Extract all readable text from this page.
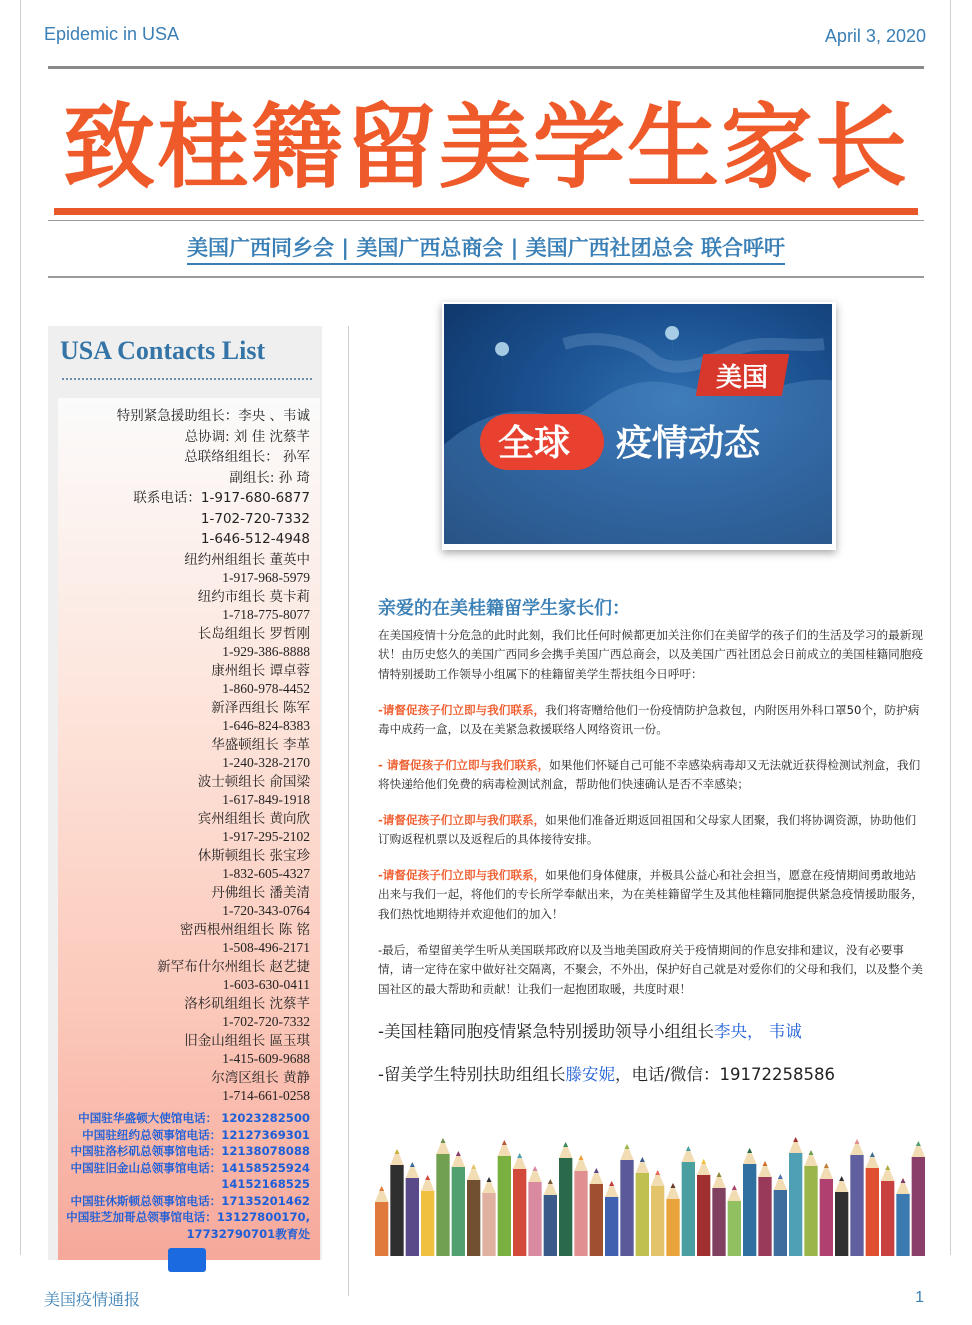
Epidemic in USA	April 3, 2020
致桂籍留美学生家长
美国广西同乡会 | 美国广西总商会 | 美国广西社团总会 联合呼吁
USA Contacts List
特别紧急援助组长：李央 、韦诚
总协调: 刘 佳 沈蔡芊
总联络组组长： 孙军
副组长: 孙 琦
联系电话：1-917-680-6877
1-702-720-7332
1-646-512-4948
纽约州组组长 董英中
1-917-968-5979
纽约市组长 莫卡莉
1-718-775-8077
长岛组组长 罗哲刚
1-929-386-8888
康州组长 谭卓蓉
1-860-978-4452
新泽西组长 陈军
1-646-824-8383
华盛顿组长 李革
1-240-328-2170
波士顿组长 俞国梁
1-617-849-1918
宾州组组长 黄向欣
1-917-295-2102
休斯顿组长 张宝珍
1-832-605-4327
丹佛组长 潘美清
1-720-343-0764
密西根州组组长 陈 铭
1-508-496-2171
新罕布什尔州组长 赵艺捷
1-603-630-0411
洛杉矶组组长 沈蔡芊
1-702-720-7332
旧金山组组长 區玉琪
1-415-609-9688
尔湾区组长 黄静
1-714-661-0258
中国驻华盛顿大使馆电话： 12023282500
中国驻纽约总领事馆电话：12127369301
中国驻洛杉矶总领事馆电话：12138078088
中国驻旧金山总领事馆电话：14158525924
14152168525
中国驻休斯顿总领事馆电话：17135201462
中国驻芝加哥总领事馆电话：13127800170,
17732790701教育处
美国
全球 疫情动态
亲爱的在美桂籍留学生家长们：
在美国疫情十分危急的此时此刻，我们比任何时候都更加关注你们在美留学的孩子们的生活及学习的最新现状！由历史悠久的美国广西同乡会携手美国广西总商会，以及美国广西社团总会日前成立的美国桂籍同胞疫情特别援助工作领导小组属下的桂籍留美学生帮扶组今日呼吁：
-请督促孩子们立即与我们联系，我们将寄赠给他们一份疫情防护急救包，内附医用外科口罩50个，防护病毒中成药一盒，以及在美紧急救援联络人网络资讯一份。
- 请督促孩子们立即与我们联系，如果他们怀疑自己可能不幸感染病毒却又无法就近获得检测试剂盒，我们将快递给他们免费的病毒检测试剂盒，帮助他们快速确认是否不幸感染；
-请督促孩子们立即与我们联系，如果他们准备近期返回祖国和父母家人团聚，我们将协调资源，协助他们订购返程机票以及返程后的具体接待安排。
-请督促孩子们立即与我们联系，如果他们身体健康，并极具公益心和社会担当，愿意在疫情期间勇敢地站出来与我们一起，将他们的专长所学奉献出来，为在美桂籍留学生及其他桂籍同胞提供紧急疫情援助服务，我们热忱地期待并欢迎他们的加入！
-最后，希望留美学生听从美国联邦政府以及当地美国政府关于疫情期间的作息安排和建议，没有必要事情，请一定待在家中做好社交隔离，不聚会，不外出，保护好自己就是对爱你们的父母和我们，以及整个美国社区的最大帮助和贡献！让我们一起抱团取暖，共度时艰！
-美国桂籍同胞疫情紧急特别援助领导小组组长李央， 韦诚
-留美学生特别扶助组组长滕安妮，电话/微信：19172258586
美国疫情通报	1
